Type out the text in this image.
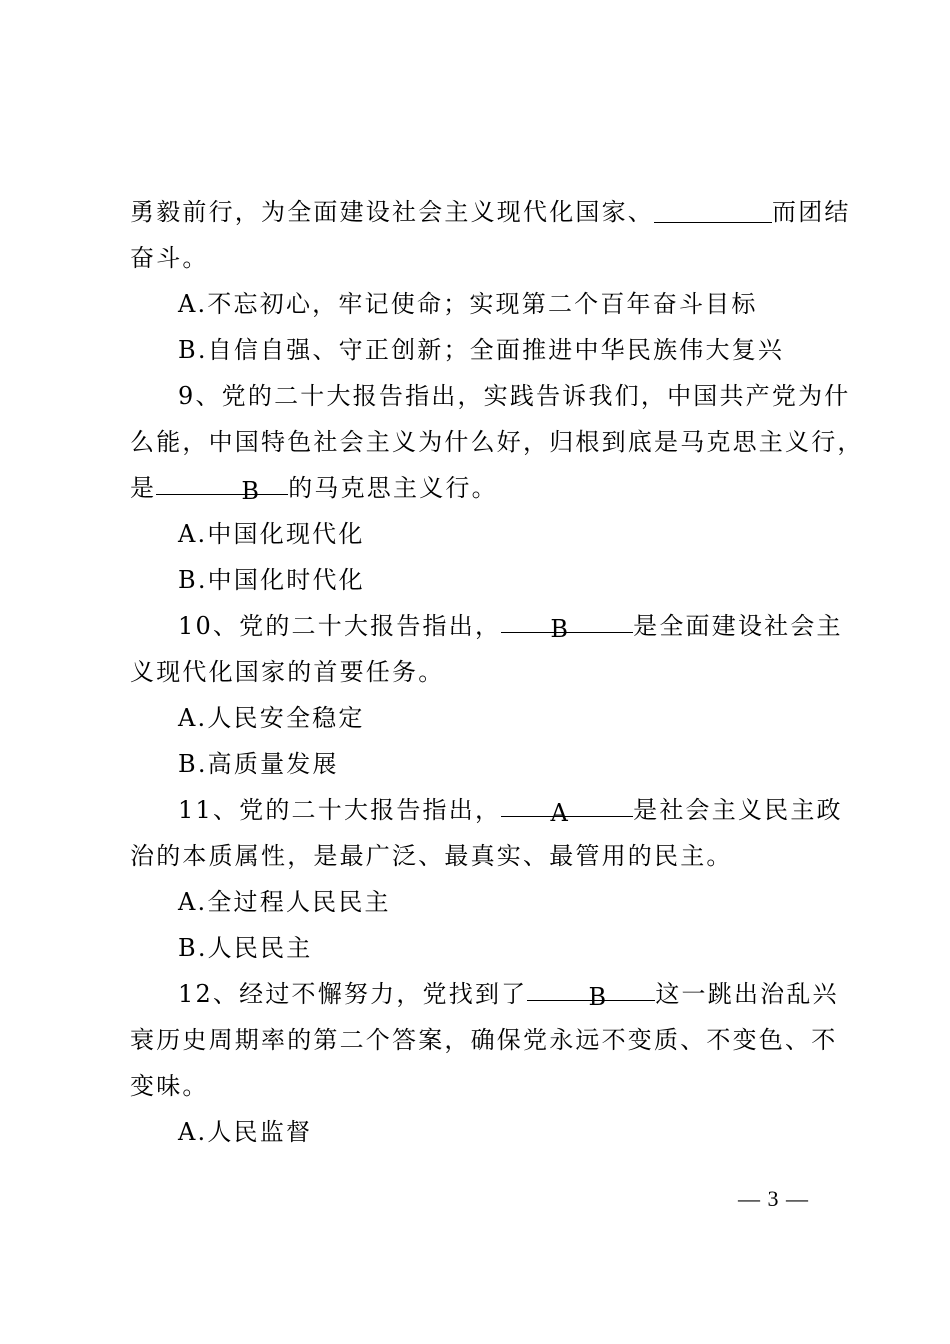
勇毅前行，为全面建设社会主义现代化国家、	而团结
奋斗。
A.不忘初心，牢记使命；实现第二个百年奋斗目标
B.自信自强、守正创新；全面推进中华民族伟大复兴
9、党的二十大报告指出，实践告诉我们，中国共产党为什
么能，中国特色社会主义为什么好，归根到底是马克思主义行，
是	B 的马克思主义行。
A.中国化现代化
B.中国化时代化
10、党的二十大报告指出， B	是全面建设社会主
义现代化国家的首要任务。
A.人民安全稳定
B.高质量发展
11、党的二十大报告指出， A	是社会主义民主政
治的本质属性，是最广泛、最真实、最管用的民主。
A.全过程人民民主
B.人民民主
12、经过不懈努力，党找到了	B 这一跳出治乱兴
衰历史周期率的第二个答案，确保党永远不变质、不变色、不
变味。
A.人民监督
— 3 —
